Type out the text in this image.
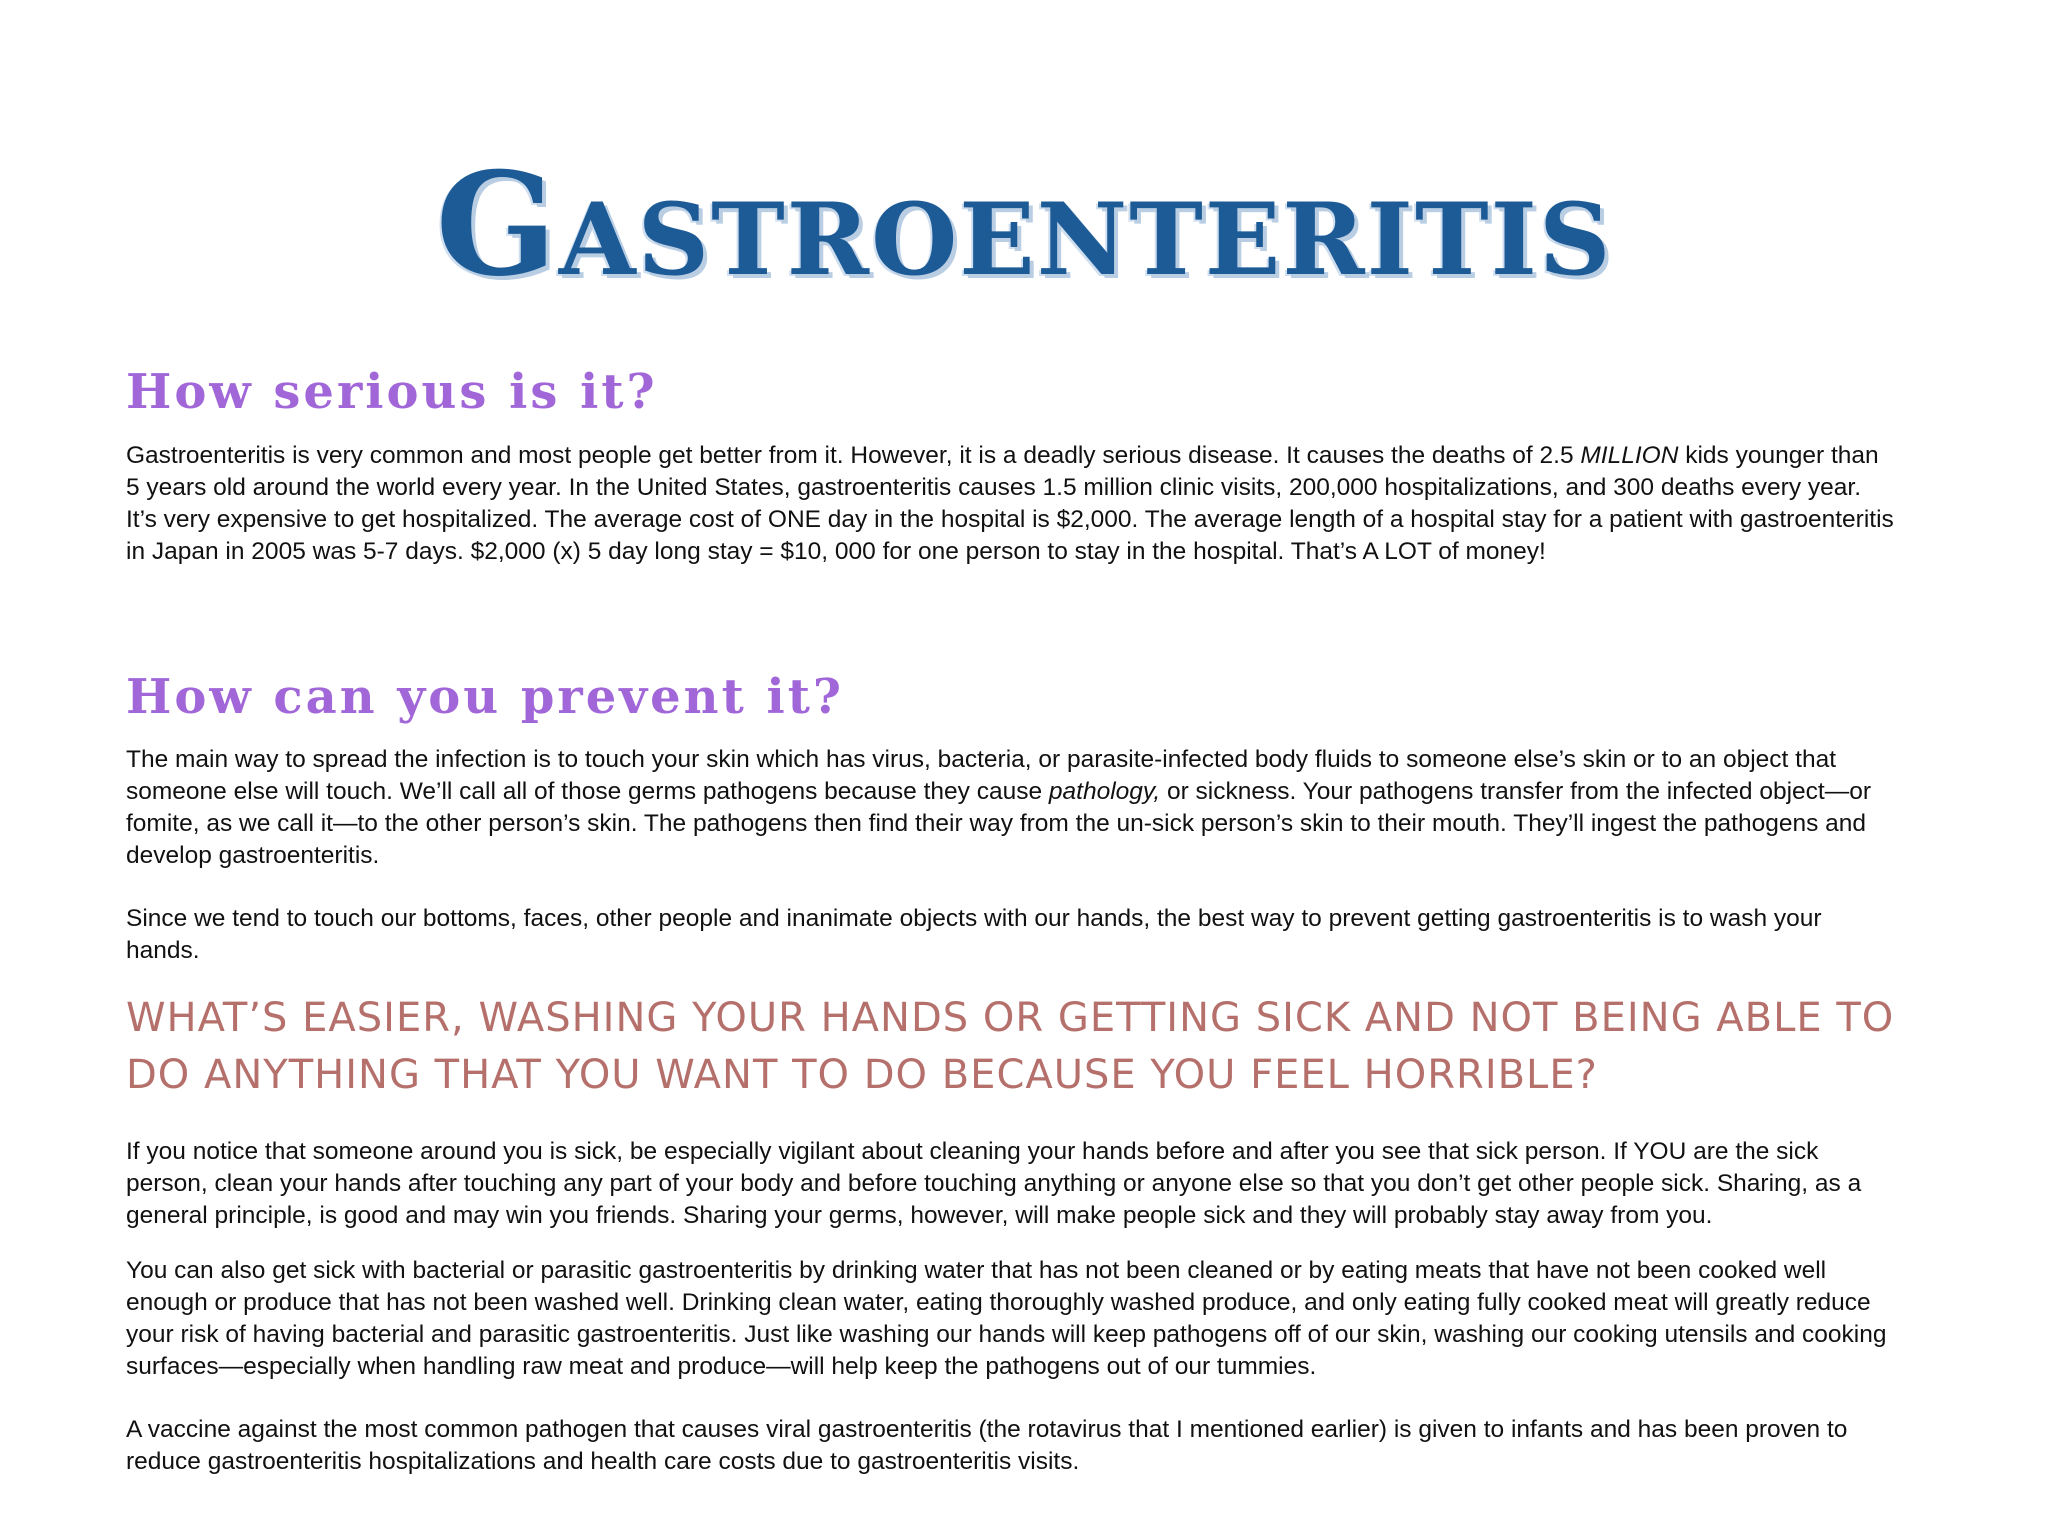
Gastroenteritis
How serious is it?

Gastroenteritis is very common and most people get better from it. However, it is a deadly serious disease. It causes the deaths of 2.5 MILLION kids younger than 5 years old around the world every year. In the United States, gastroenteritis causes 1.5 million clinic visits, 200,000 hospitalizations, and 300 deaths every year. It’s very expensive to get hospitalized. The average cost of ONE day in the hospital is $2,000. The average length of a hospital stay for a patient with gastroenteritis in Japan in 2005 was 5-7 days. $2,000 (x) 5 day long stay = $10, 000 for one person to stay in the hospital. That’s A LOT of money!

How can you prevent it?

The main way to spread the infection is to touch your skin which has virus, bacteria, or parasite-infected body fluids to someone else’s skin or to an object that someone else will touch. We’ll call all of those germs pathogens because they cause pathology, or sickness. Your pathogens transfer from the infected object—or fomite, as we call it—to the other person’s skin. The pathogens then find their way from the un-sick person’s skin to their mouth. They’ll ingest the pathogens and develop gastroenteritis.

Since we tend to touch our bottoms, faces, other people and inanimate objects with our hands, the best way to prevent getting gastroenteritis is to wash your hands.

WHAT’S EASIER, WASHING YOUR HANDS OR GETTING SICK AND NOT BEING ABLE TO DO ANYTHING THAT YOU WANT TO DO BECAUSE YOU FEEL HORRIBLE?

If you notice that someone around you is sick, be especially vigilant about cleaning your hands before and after you see that sick person. If YOU are the sick person, clean your hands after touching any part of your body and before touching anything or anyone else so that you don’t get other people sick. Sharing, as a general principle, is good and may win you friends. Sharing your germs, however, will make people sick and they will probably stay away from you.

You can also get sick with bacterial or parasitic gastroenteritis by drinking water that has not been cleaned or by eating meats that have not been cooked well enough or produce that has not been washed well. Drinking clean water, eating thoroughly washed produce, and only eating fully cooked meat will greatly reduce your risk of having bacterial and parasitic gastroenteritis. Just like washing our hands will keep pathogens off of our skin, washing our cooking utensils and cooking surfaces—especially when handling raw meat and produce—will help keep the pathogens out of our tummies.

A vaccine against the most common pathogen that causes viral gastroenteritis (the rotavirus that I mentioned earlier) is given to infants and has been proven to reduce gastroenteritis hospitalizations and health care costs due to gastroenteritis visits.
